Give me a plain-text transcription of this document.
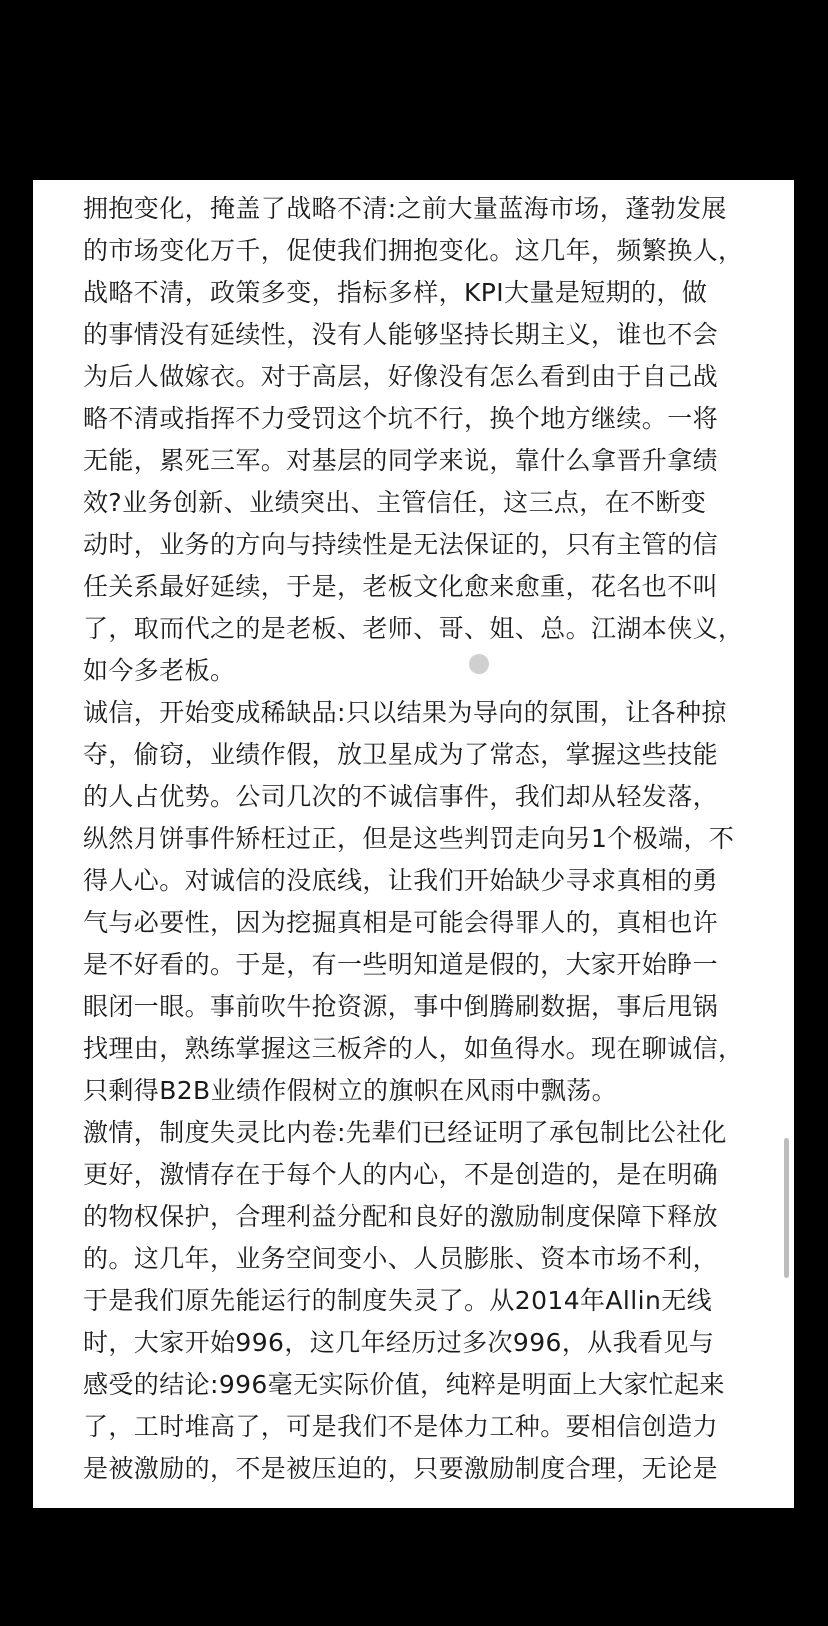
拥抱变化，掩盖了战略不清:之前大量蓝海市场，蓬勃发展
的市场变化万千，促使我们拥抱变化。这几年，频繁换人，
战略不清，政策多变，指标多样，KPI大量是短期的，做
的事情没有延续性，没有人能够坚持长期主义，谁也不会
为后人做嫁衣。对于高层，好像没有怎么看到由于自己战
略不清或指挥不力受罚这个坑不行，换个地方继续。一将
无能，累死三军。对基层的同学来说，靠什么拿晋升拿绩
效?业务创新、业绩突出、主管信任，这三点，在不断变
动时，业务的方向与持续性是无法保证的，只有主管的信
任关系最好延续，于是，老板文化愈来愈重，花名也不叫
了，取而代之的是老板、老师、哥、姐、总。江湖本侠义，
如今多老板。
诚信，开始变成稀缺品:只以结果为导向的氛围，让各种掠
夺，偷窃，业绩作假，放卫星成为了常态，掌握这些技能
的人占优势。公司几次的不诚信事件，我们却从轻发落，
纵然月饼事件矫枉过正，但是这些判罚走向另1个极端，不
得人心。对诚信的没底线，让我们开始缺少寻求真相的勇
气与必要性，因为挖掘真相是可能会得罪人的，真相也许
是不好看的。于是，有一些明知道是假的，大家开始睁一
眼闭一眼。事前吹牛抢资源，事中倒腾刷数据，事后甩锅
找理由，熟练掌握这三板斧的人，如鱼得水。现在聊诚信，
只剩得B2B业绩作假树立的旗帜在风雨中飘荡。
激情，制度失灵比内卷:先辈们已经证明了承包制比公社化
更好，激情存在于每个人的内心，不是创造的，是在明确
的物权保护，合理利益分配和良好的激励制度保障下释放
的。这几年，业务空间变小、人员膨胀、资本市场不利，
于是我们原先能运行的制度失灵了。从2014年Allin无线
时，大家开始996，这几年经历过多次996，从我看见与
感受的结论:996毫无实际价值，纯粹是明面上大家忙起来
了，工时堆高了，可是我们不是体力工种。要相信创造力
是被激励的，不是被压迫的，只要激励制度合理，无论是
